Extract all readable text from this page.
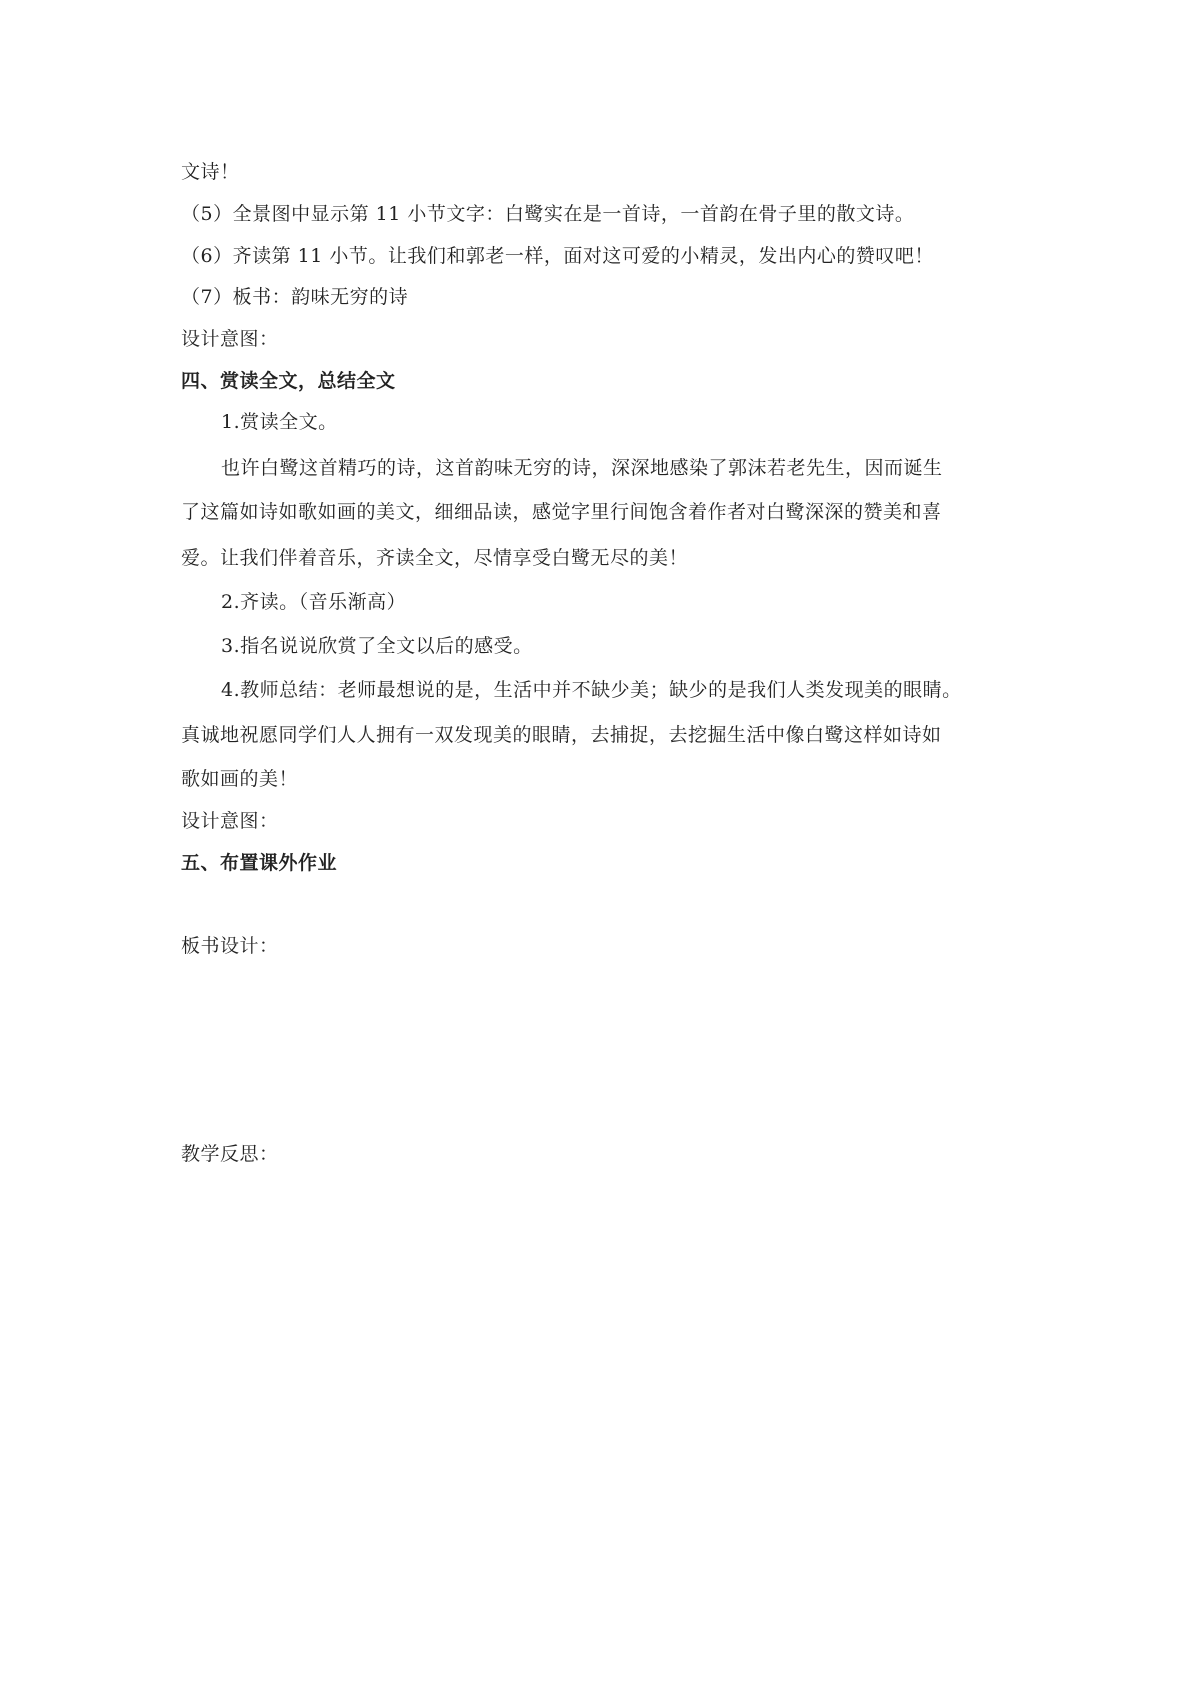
文诗！
（5）全景图中显示第 11 小节文字：白鹭实在是一首诗，一首韵在骨子里的散文诗。
（6）齐读第 11 小节。让我们和郭老一样，面对这可爱的小精灵，发出内心的赞叹吧！
（7）板书：韵味无穷的诗
设计意图：
四、赏读全文，总结全文
1.赏读全文。
也许白鹭这首精巧的诗，这首韵味无穷的诗，深深地感染了郭沫若老先生，因而诞生
了这篇如诗如歌如画的美文，细细品读，感觉字里行间饱含着作者对白鹭深深的赞美和喜
爱。让我们伴着音乐，齐读全文，尽情享受白鹭无尽的美！
2.齐读。（音乐渐高）
3.指名说说欣赏了全文以后的感受。
4.教师总结：老师最想说的是，生活中并不缺少美；缺少的是我们人类发现美的眼睛。
真诚地祝愿同学们人人拥有一双发现美的眼睛，去捕捉，去挖掘生活中像白鹭这样如诗如
歌如画的美！
设计意图：
五、布置课外作业
板书设计：
教学反思：
